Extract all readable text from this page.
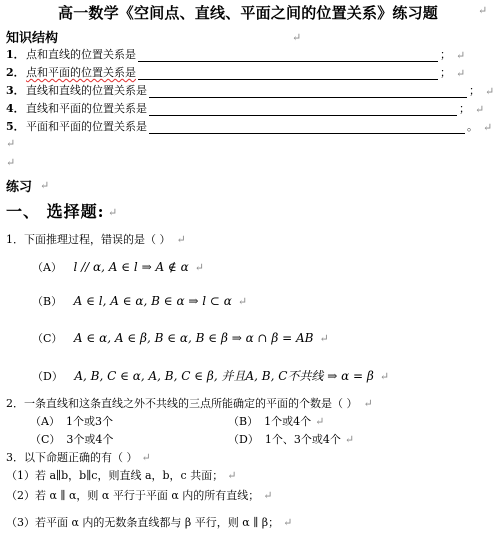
高一数学《空间点、直线、平面之间的位置关系》练习题	↵
知识结构	↵
1． 点和直线的位置关系是	； ↵
2． 点和平面的位置关系是	； ↵
3． 直线和直线的位置关系是	； ↵
4． 直线和平面的位置关系是	； ↵
5． 平面和平面的位置关系是	。 ↵
↵
↵
练习 ↵
一、 选择题: ↵
1．下面推理过程，错误的是（ ） ↵
（A） l // α, A ∈ l ⇒ A ∉ α ↵
（B） A ∈ l, A ∈ α, B ∈ α ⇒ l ⊂ α ↵
（C） A ∈ α, A ∈ β, B ∈ α, B ∈ β ⇒ α ∩ β = AB ↵
（D） A, B, C ∈ α, A, B, C ∈ β, 并且A, B, C不共线 ⇒ α = β ↵
2．一条直线和这条直线之外不共线的三点所能确定的平面的个数是（ ） ↵
（A） 1个或3个	（B） 1个或4个 ↵
（C） 3个或4个	（D） 1个、3个或4个 ↵
3．以下命题正确的有（ ） ↵
（1）若 a∥b，b∥c，则直线 a，b，c 共面； ↵
（2）若 α ∥ α，则 α 平行于平面 α 内的所有直线； ↵
（3）若平面 α 内的无数条直线都与 β 平行，则 α ∥ β； ↵
